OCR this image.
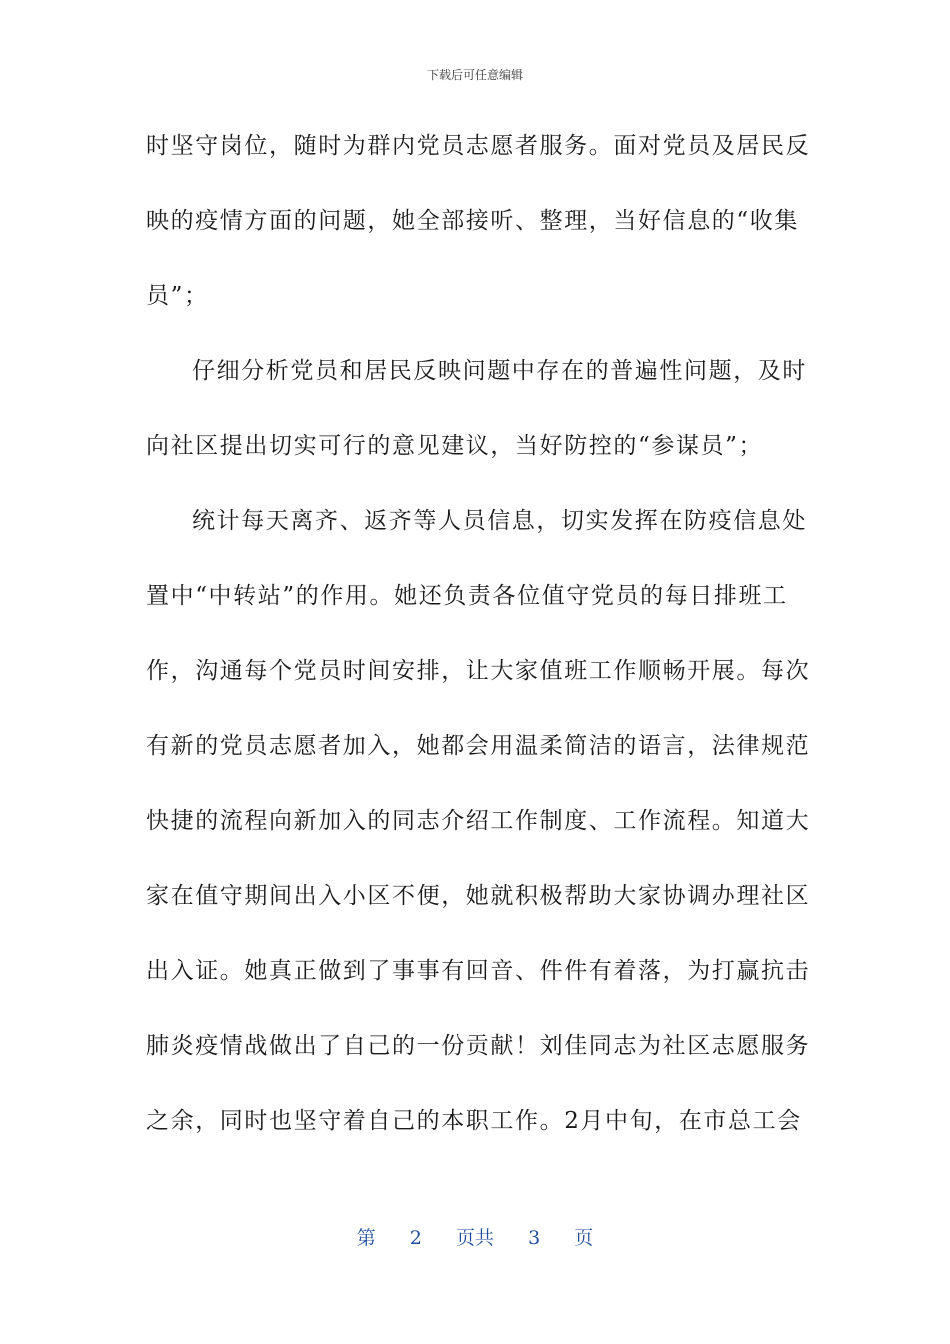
下载后可任意编辑
时坚守岗位，随时为群内党员志愿者服务。面对党员及居民反
映的疫情方面的问题，她全部接听、整理，当好信息的“收集
员”；
仔细分析党员和居民反映问题中存在的普遍性问题，及时
向社区提出切实可行的意见建议，当好防控的“参谋员”；
统计每天离齐、返齐等人员信息，切实发挥在防疫信息处
置中“中转站”的作用。她还负责各位值守党员的每日排班工
作，沟通每个党员时间安排，让大家值班工作顺畅开展。每次
有新的党员志愿者加入，她都会用温柔简洁的语言，法律规范
快捷的流程向新加入的同志介绍工作制度、工作流程。知道大
家在值守期间出入小区不便，她就积极帮助大家协调办理社区
出入证。她真正做到了事事有回音、件件有着落，为打赢抗击
肺炎疫情战做出了自己的一份贡献！刘佳同志为社区志愿服务
之余，同时也坚守着自己的本职工作。2月中旬，在市总工会
第 2 页共 3 页
